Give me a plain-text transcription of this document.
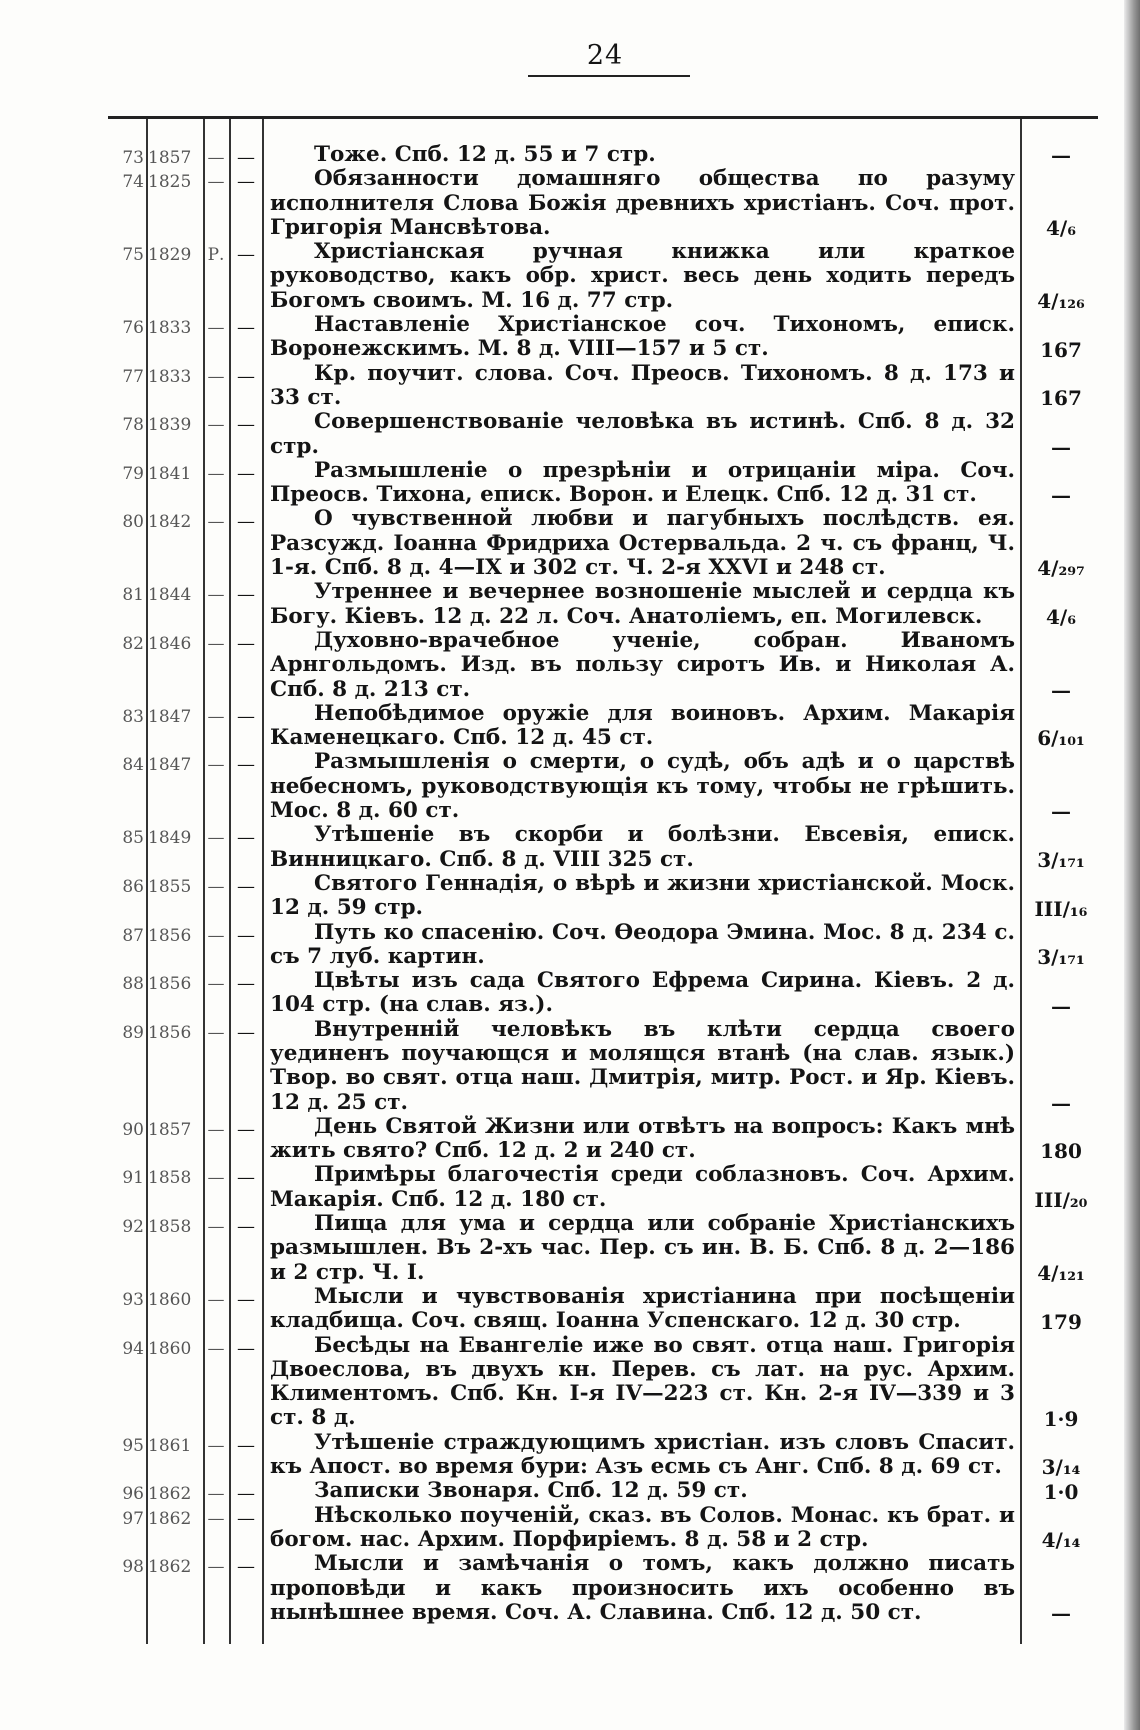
24
73 1857 — —	Тоже. Спб. 12 д. 55 и 7 стр.	—
74 1825 — —	Обязанности домашняго общества по разуму исполнителя Слова Божія древнихъ христіанъ. Соч. прот. Григорія Мансвѣтова.	4/₆
75 1829 Р. —	Христіанская ручная книжка или краткое руководство, какъ обр. христ. весь день ходить передъ Богомъ своимъ. М. 16 д. 77 стр.	4/₁₂₆
76 1833 — —	Наставленіе Христіанское соч. Тихономъ, еписк. Воронежскимъ. М. 8 д. VIII—157 и 5 ст.	167
77 1833 — —	Кр. поучит. слова. Соч. Преосв. Тихономъ. 8 д. 173 и 33 ст.	167
78 1839 — —	Совершенствованіе человѣка въ истинѣ. Спб. 8 д. 32 стр.	—
79 1841 — —	Размышленіе о презрѣніи и отрицаніи міра. Соч. Преосв. Тихона, еписк. Ворон. и Елецк. Спб. 12 д. 31 ст.	—
80 1842 — —	О чувственной любви и пагубныхъ послѣдств. ея. Разсужд. Іоанна Фридриха Остервальда. 2 ч. съ франц, Ч. 1-я. Спб. 8 д. 4—IX и 302 ст. Ч. 2-я XXVI и 248 ст.	4/₂₉₇
81 1844 — —	Утреннее и вечернее возношеніе мыслей и сердца къ Богу. Кіевъ. 12 д. 22 л. Соч. Анатоліемъ, еп. Могилевск.	4/₆
82 1846 — —	Духовно-врачебное ученіе, собран. Иваномъ Арнгольдомъ. Изд. въ пользу сиротъ Ив. и Николая А. Спб. 8 д. 213 ст.	—
83 1847 — —	Непобѣдимое оружіе для воиновъ. Архим. Макарія Каменецкаго. Спб. 12 д. 45 ст.	6/₁₀₁
84 1847 — —	Размышленія о смерти, о судѣ, объ адѣ и о царствѣ небесномъ, руководствующія къ тому, чтобы не грѣшить. Мос. 8 д. 60 ст.	—
85 1849 — —	Утѣшеніе въ скорби и болѣзни. Евсевія, еписк. Винницкаго. Спб. 8 д. VIII 325 ст.	3/₁₇₁
86 1855 — —	Святого Геннадія, о вѣрѣ и жизни христіанской. Моск. 12 д. 59 стр.	III/₁₆
87 1856 — —	Путь ко спасенію. Соч. Ѳеодора Эмина. Мос. 8 д. 234 с. съ 7 луб. картин.	3/₁₇₁
88 1856 — —	Цвѣты изъ сада Святого Ефрема Сирина. Кіевъ. 2 д. 104 стр. (на слав. яз.).	—
89 1856 — —	Внутренній человѣкъ въ клѣти сердца своего уединенъ поучающся и молящся втанѣ (на слав. язык.) Твор. во свят. отца наш. Дмитрія, митр. Рост. и Яр. Кіевъ. 12 д. 25 ст.	—
90 1857 — —	День Святой Жизни или отвѣтъ на вопросъ: Какъ мнѣ жить свято? Спб. 12 д. 2 и 240 ст.	180
91 1858 — —	Примѣры благочестія среди соблазновъ. Соч. Архим. Макарія. Спб. 12 д. 180 ст.	III/₂₀
92 1858 — —	Пища для ума и сердца или собраніе Христіанскихъ размышлен. Въ 2-хъ час. Пер. съ ин. В. Б. Спб. 8 д. 2—186 и 2 стр. Ч. I.	4/₁₂₁
93 1860 — —	Мысли и чувствованія христіанина при посѣщеніи кладбища. Соч. свящ. Іоанна Успенскаго. 12 д. 30 стр.	179
94 1860 — —	Бесѣды на Евангеліе иже во свят. отца наш. Григорія Двоеслова, въ двухъ кн. Перев. съ лат. на рус. Архим. Климентомъ. Спб. Кн. I-я IV—223 ст. Кн. 2-я IV—339 и 3 ст. 8 д.	1·9
95 1861 — —	Утѣшеніе страждующимъ христіан. изъ словъ Спасит. къ Апост. во время бури: Азъ есмь съ Анг. Спб. 8 д. 69 ст.	3/₁₄
96 1862 — —	Записки Звонаря. Спб. 12 д. 59 ст.	1·0
97 1862 — —	Нѣсколько поученій, сказ. въ Солов. Монас. къ брат. и богом. нас. Архим. Порфиріемъ. 8 д. 58 и 2 стр.	4/₁₄
98 1862 — —	Мысли и замѣчанія о томъ, какъ должно писать проповѣди и какъ произносить ихъ особенно въ нынѣшнее время. Соч. А. Славина. Спб. 12 д. 50 ст.	—
